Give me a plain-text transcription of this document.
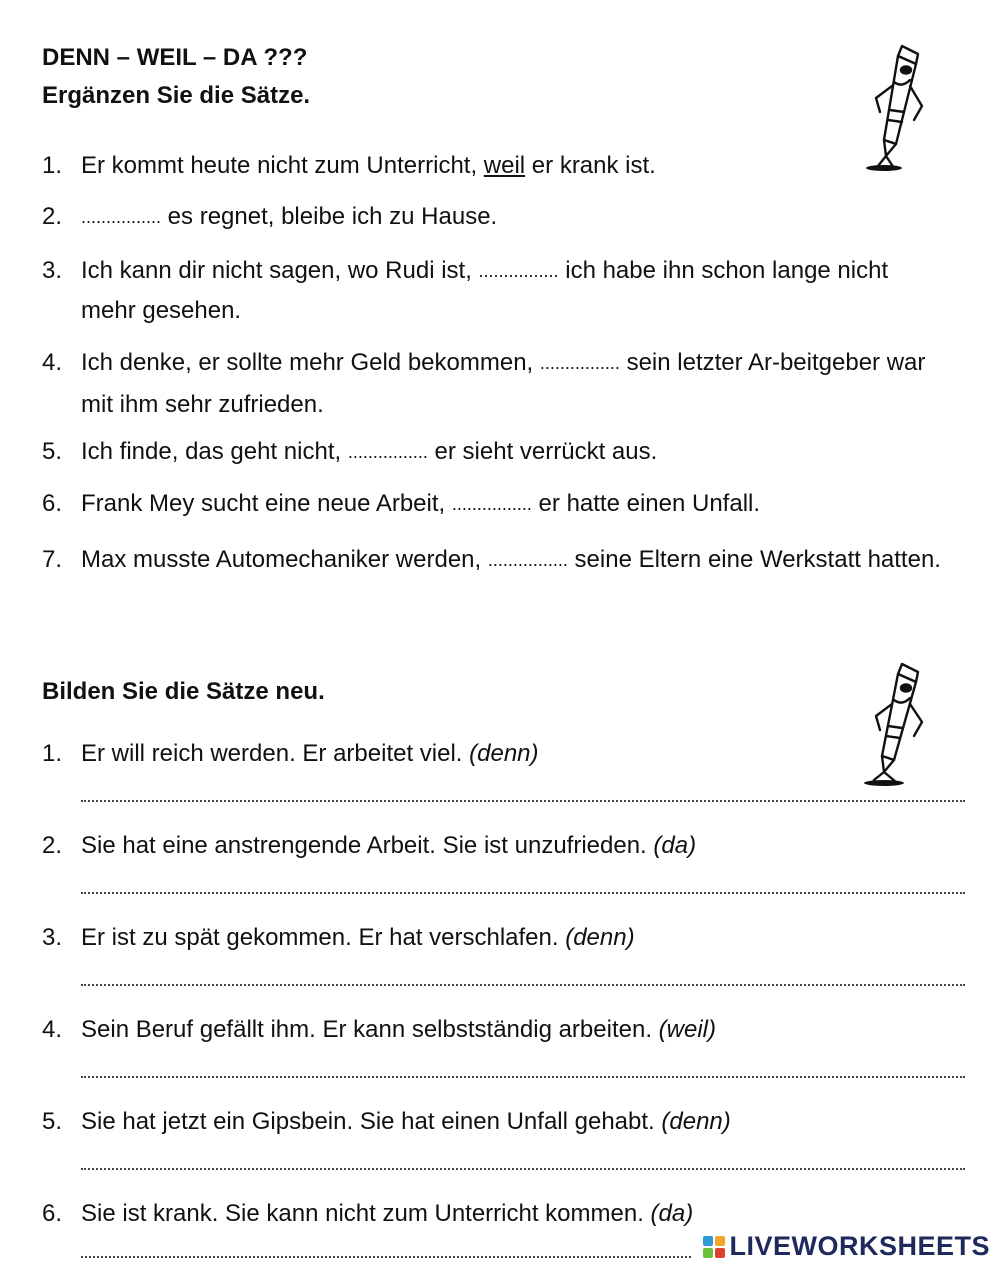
DENN – WEIL – DA ???

Ergänzen Sie die Sätze.

1. Er kommt heute nicht zum Unterricht, weil er krank ist.
2.	................ es regnet, bleibe ich zu Hause.
3. Ich kann dir nicht sagen, wo Rudi ist, ................ ich habe ihn schon lange nicht mehr gesehen.
4. Ich denke, er sollte mehr Geld bekommen, ................ sein letzter Ar-beitgeber war mit ihm sehr zufrieden.
5. Ich finde, das geht nicht, ................ er sieht verrückt aus.
6. Frank Mey sucht eine neue Arbeit, ................ er hatte einen Unfall.
7. Max musste Automechaniker werden, ................ seine Eltern eine Werkstatt hatten.

Bilden Sie die Sätze neu.

1. Er will reich werden. Er arbeitet viel. (denn)
2. Sie hat eine anstrengende Arbeit. Sie ist unzufrieden. (da)
3. Er ist zu spät gekommen. Er hat verschlafen. (denn)
4. Sein Beruf gefällt ihm. Er kann selbstständig arbeiten. (weil)
5. Sie hat jetzt ein Gipsbein. Sie hat einen Unfall gehabt. (denn)
6. Sie ist krank. Sie kann nicht zum Unterricht kommen. (da)
LIVEWORKSHEETS
